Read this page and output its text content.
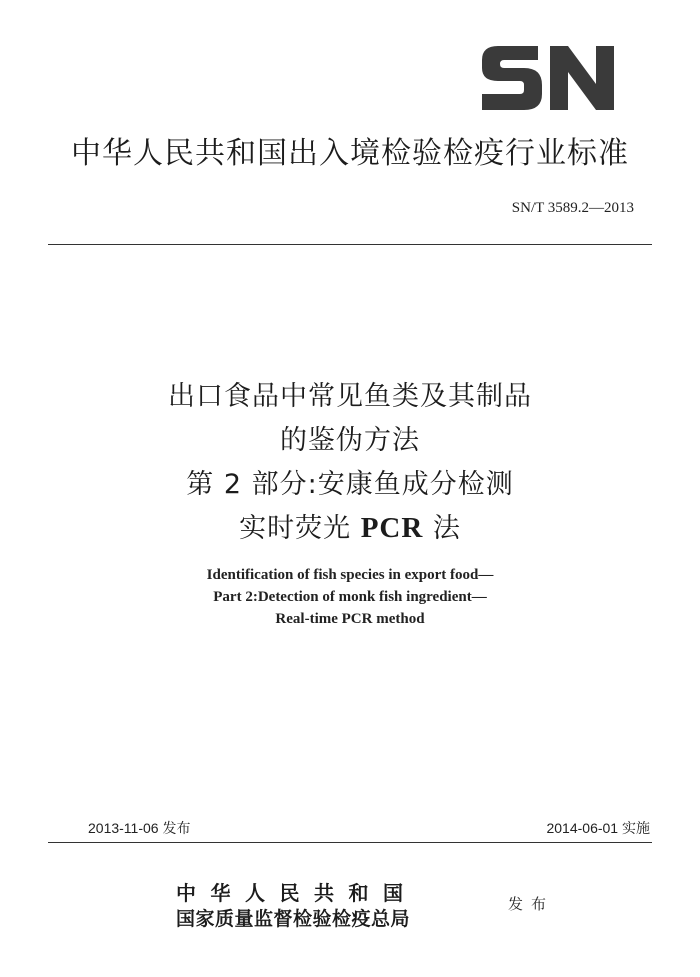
中华人民共和国出入境检验检疫行业标准
SN/T 3589.2—2013
出口食品中常见鱼类及其制品
的鉴伪方法
第 2 部分:安康鱼成分检测
实时荧光 PCR 法
Identification of fish species in export food—
Part 2:Detection of monk fish ingredient—
Real-time PCR method
2013-11-06 发布	2014-06-01 实施
中华人民共和国
国家质量监督检验检疫总局
发布
